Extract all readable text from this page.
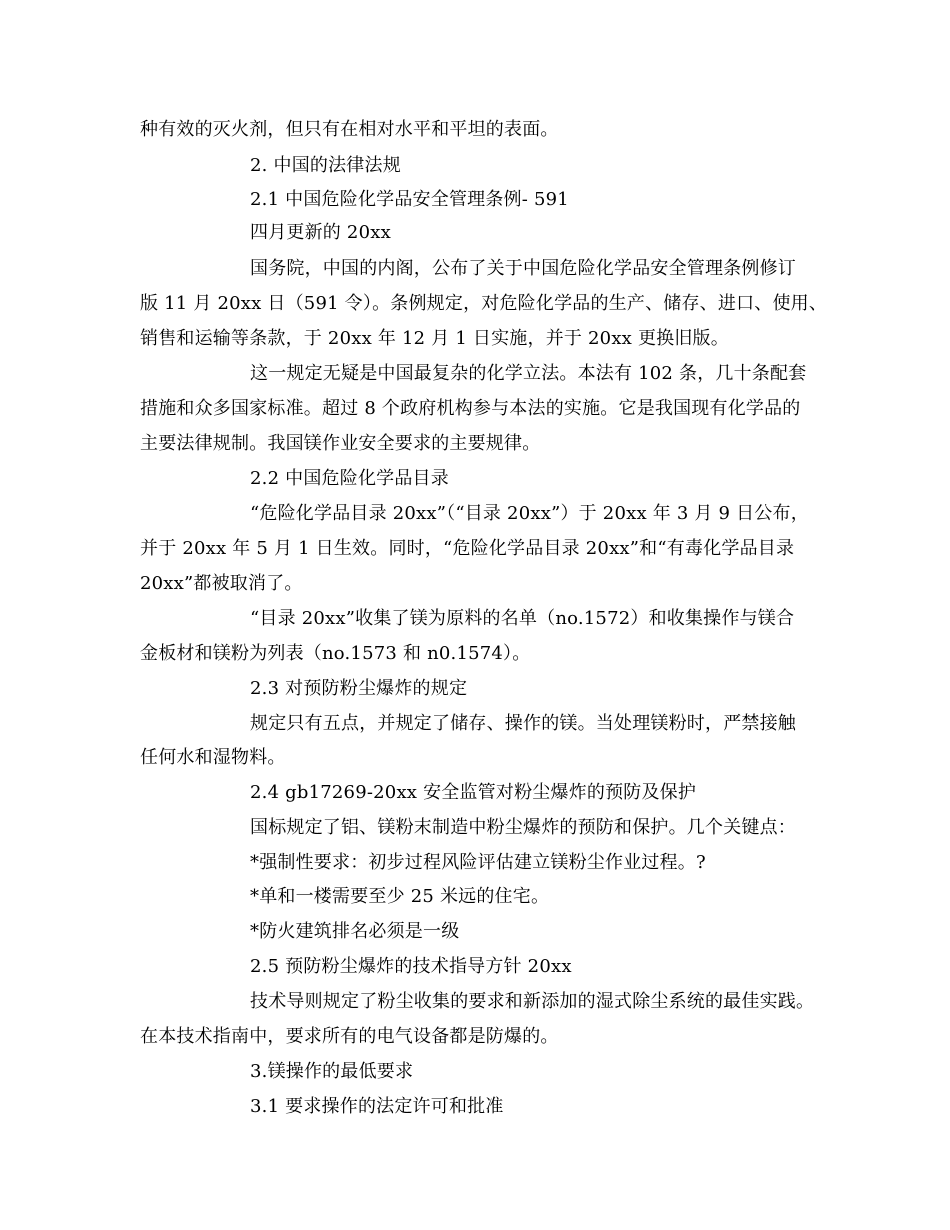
种有效的灭火剂，但只有在相对水平和平坦的表面。
2. 中国的法律法规
2.1 中国危险化学品安全管理条例- 591
四月更新的 20xx
国务院，中国的内阁，公布了关于中国危险化学品安全管理条例修订
版 11 月 20xx 日（591 令）。条例规定，对危险化学品的生产、储存、进口、使用、
销售和运输等条款，于 20xx 年 12 月 1 日实施，并于 20xx 更换旧版。
这一规定无疑是中国最复杂的化学立法。本法有 102 条，几十条配套
措施和众多国家标准。超过 8 个政府机构参与本法的实施。它是我国现有化学品的
主要法律规制。我国镁作业安全要求的主要规律。
2.2 中国危险化学品目录
“危险化学品目录 20xx”（“目录 20xx”）于 20xx 年 3 月 9 日公布，
并于 20xx 年 5 月 1 日生效。同时，“危险化学品目录 20xx”和“有毒化学品目录
20xx”都被取消了。
“目录 20xx”收集了镁为原料的名单（no.1572）和收集操作与镁合
金板材和镁粉为列表（no.1573 和 n0.1574）。
2.3 对预防粉尘爆炸的规定
规定只有五点，并规定了储存、操作的镁。当处理镁粉时，严禁接触
任何水和湿物料。
2.4 gb17269-20xx 安全监管对粉尘爆炸的预防及保护
国标规定了铝、镁粉末制造中粉尘爆炸的预防和保护。几个关键点：
*强制性要求：初步过程风险评估建立镁粉尘作业过程。?
*单和一楼需要至少 25 米远的住宅。
*防火建筑排名必须是一级
2.5 预防粉尘爆炸的技术指导方针 20xx
技术导则规定了粉尘收集的要求和新添加的湿式除尘系统的最佳实践。
在本技术指南中，要求所有的电气设备都是防爆的。
3.镁操作的最低要求
3.1 要求操作的法定许可和批准
